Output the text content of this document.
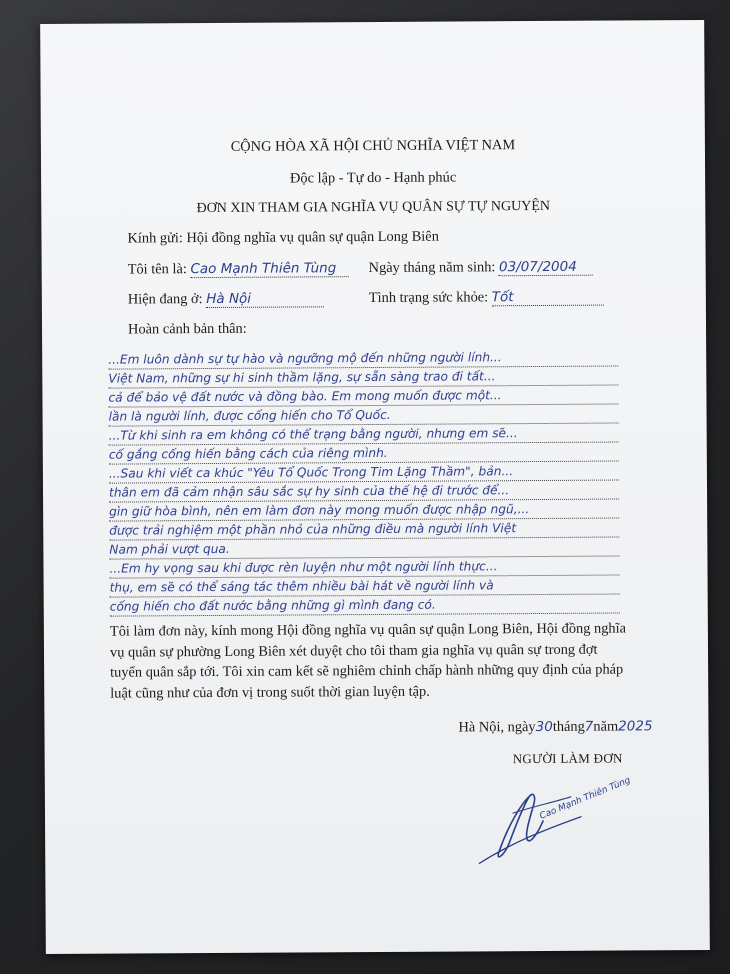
CỘNG HÒA XÃ HỘI CHỦ NGHĨA VIỆT NAM
Độc lập - Tự do - Hạnh phúc
ĐƠN XIN THAM GIA NGHĨA VỤ QUÂN SỰ TỰ NGUYỆN
Kính gửi: Hội đồng nghĩa vụ quân sự quận Long Biên
Tôi tên là: Cao Mạnh Thiên Tùng	Ngày tháng năm sinh: 03/07/2004
Hiện đang ở: Hà Nội	Tình trạng sức khỏe: Tốt
Hoàn cảnh bản thân:
...Em luôn dành sự tự hào và ngưỡng mộ đến những người lính...
Việt Nam, những sự hi sinh thầm lặng, sự sẵn sàng trao đi tất...
cả để bảo vệ đất nước và đồng bào. Em mong muốn được một...
lần là người lính, được cống hiến cho Tổ Quốc.
...Từ khi sinh ra em không có thể trạng bằng người, nhưng em sẽ...
cố gắng cống hiến bằng cách của riêng mình.
...Sau khi viết ca khúc "Yêu Tổ Quốc Trong Tim Lặng Thầm", bản...
thân em đã cảm nhận sâu sắc sự hy sinh của thế hệ đi trước để...
gìn giữ hòa bình, nên em làm đơn này mong muốn được nhập ngũ,...
được trải nghiệm một phần nhỏ của những điều mà người lính Việt
Nam phải vượt qua.
...Em hy vọng sau khi được rèn luyện như một người lính thực...
thụ, em sẽ có thể sáng tác thêm nhiều bài hát về người lính và
cống hiến cho đất nước bằng những gì mình đang có.
Tôi làm đơn này, kính mong Hội đồng nghĩa vụ quân sự quận Long Biên, Hội đồng nghĩa vụ quân sự phường Long Biên xét duyệt cho tôi tham gia nghĩa vụ quân sự trong đợt tuyển quân sắp tới. Tôi xin cam kết sẽ nghiêm chỉnh chấp hành những quy định của pháp luật cũng như của đơn vị trong suốt thời gian luyện tập.
Hà Nội, ngày30tháng7năm2025
NGƯỜI LÀM ĐƠN
Cao Mạnh Thiên Tùng
